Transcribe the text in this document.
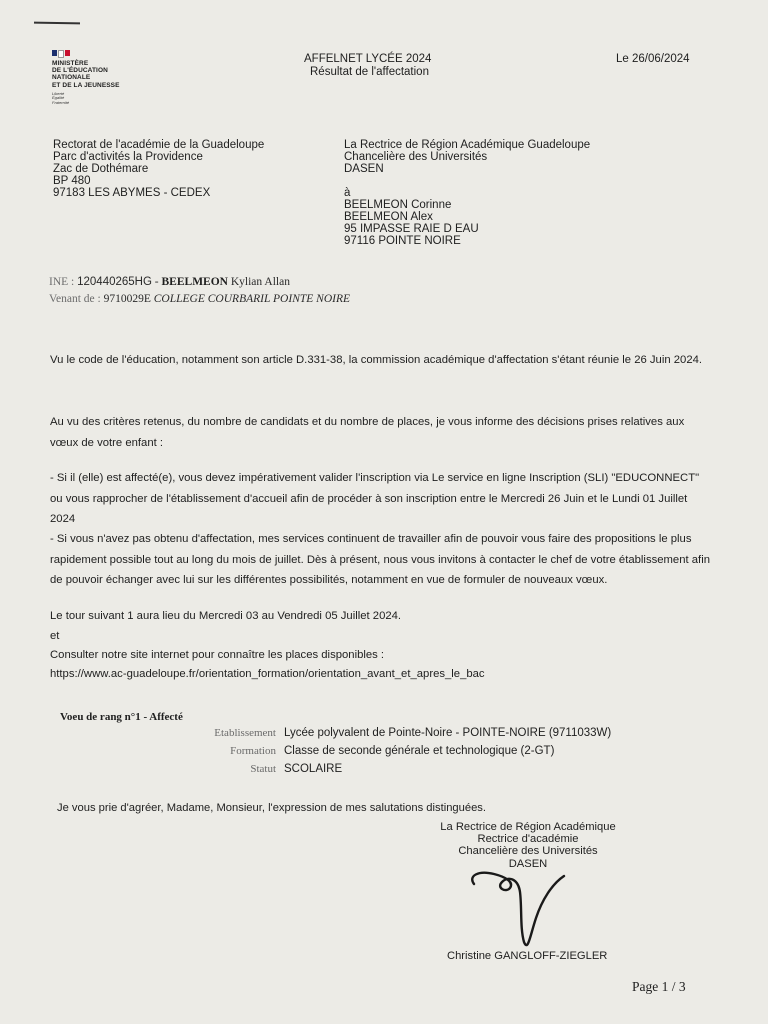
MINISTÈRE
DE L'ÉDUCATION
NATIONALE
ET DE LA JEUNESSE
Liberté
Égalité
Fraternité
AFFELNET LYCÉE 2024
Résultat de l'affectation
Le 26/06/2024
Rectorat de l'académie de la Guadeloupe
Parc d'activités la Providence
Zac de Dothémare
BP 480
97183 LES ABYMES - CEDEX
La Rectrice de Région Académique Guadeloupe
Chancelière des Universités
DASEN
à
BEELMEON Corinne
BEELMEON Alex
95 IMPASSE RAIE D EAU
97116 POINTE NOIRE
INE : 120440265HG - BEELMEON Kylian Allan
Venant de : 9710029E COLLEGE COURBARIL POINTE NOIRE
Vu le code de l'éducation, notamment son article D.331-38, la commission académique d'affectation s'étant réunie le 26 Juin 2024.
Au vu des critères retenus, du nombre de candidats et du nombre de places, je vous informe des décisions prises relatives aux vœux de votre enfant :
- Si il (elle) est affecté(e), vous devez impérativement valider l'inscription via Le service en ligne Inscription (SLI) "EDUCONNECT" ou vous rapprocher de l'établissement d'accueil afin de procéder à son inscription entre le Mercredi 26 Juin et le Lundi 01 Juillet 2024
- Si vous n'avez pas obtenu d'affectation, mes services continuent de travailler afin de pouvoir vous faire des propositions le plus rapidement possible tout au long du mois de juillet. Dès à présent, nous vous invitons à contacter le chef de votre établissement afin de pouvoir échanger avec lui sur les différentes possibilités, notamment en vue de formuler de nouveaux vœux.
Le tour suivant 1 aura lieu du Mercredi 03 au Vendredi 05 Juillet 2024.
et
Consulter notre site internet pour connaître les places disponibles :
https://www.ac-guadeloupe.fr/orientation_formation/orientation_avant_et_apres_le_bac
Voeu de rang n°1 - Affecté
Etablissement Lycée polyvalent de Pointe-Noire - POINTE-NOIRE (9711033W)
Formation Classe de seconde générale et technologique (2-GT)
Statut SCOLAIRE
Je vous prie d'agréer, Madame, Monsieur, l'expression de mes salutations distinguées.
La Rectrice de Région Académique
Rectrice d'académie
Chancelière des Universités
DASEN
Christine GANGLOFF-ZIEGLER
Page 1 / 3
